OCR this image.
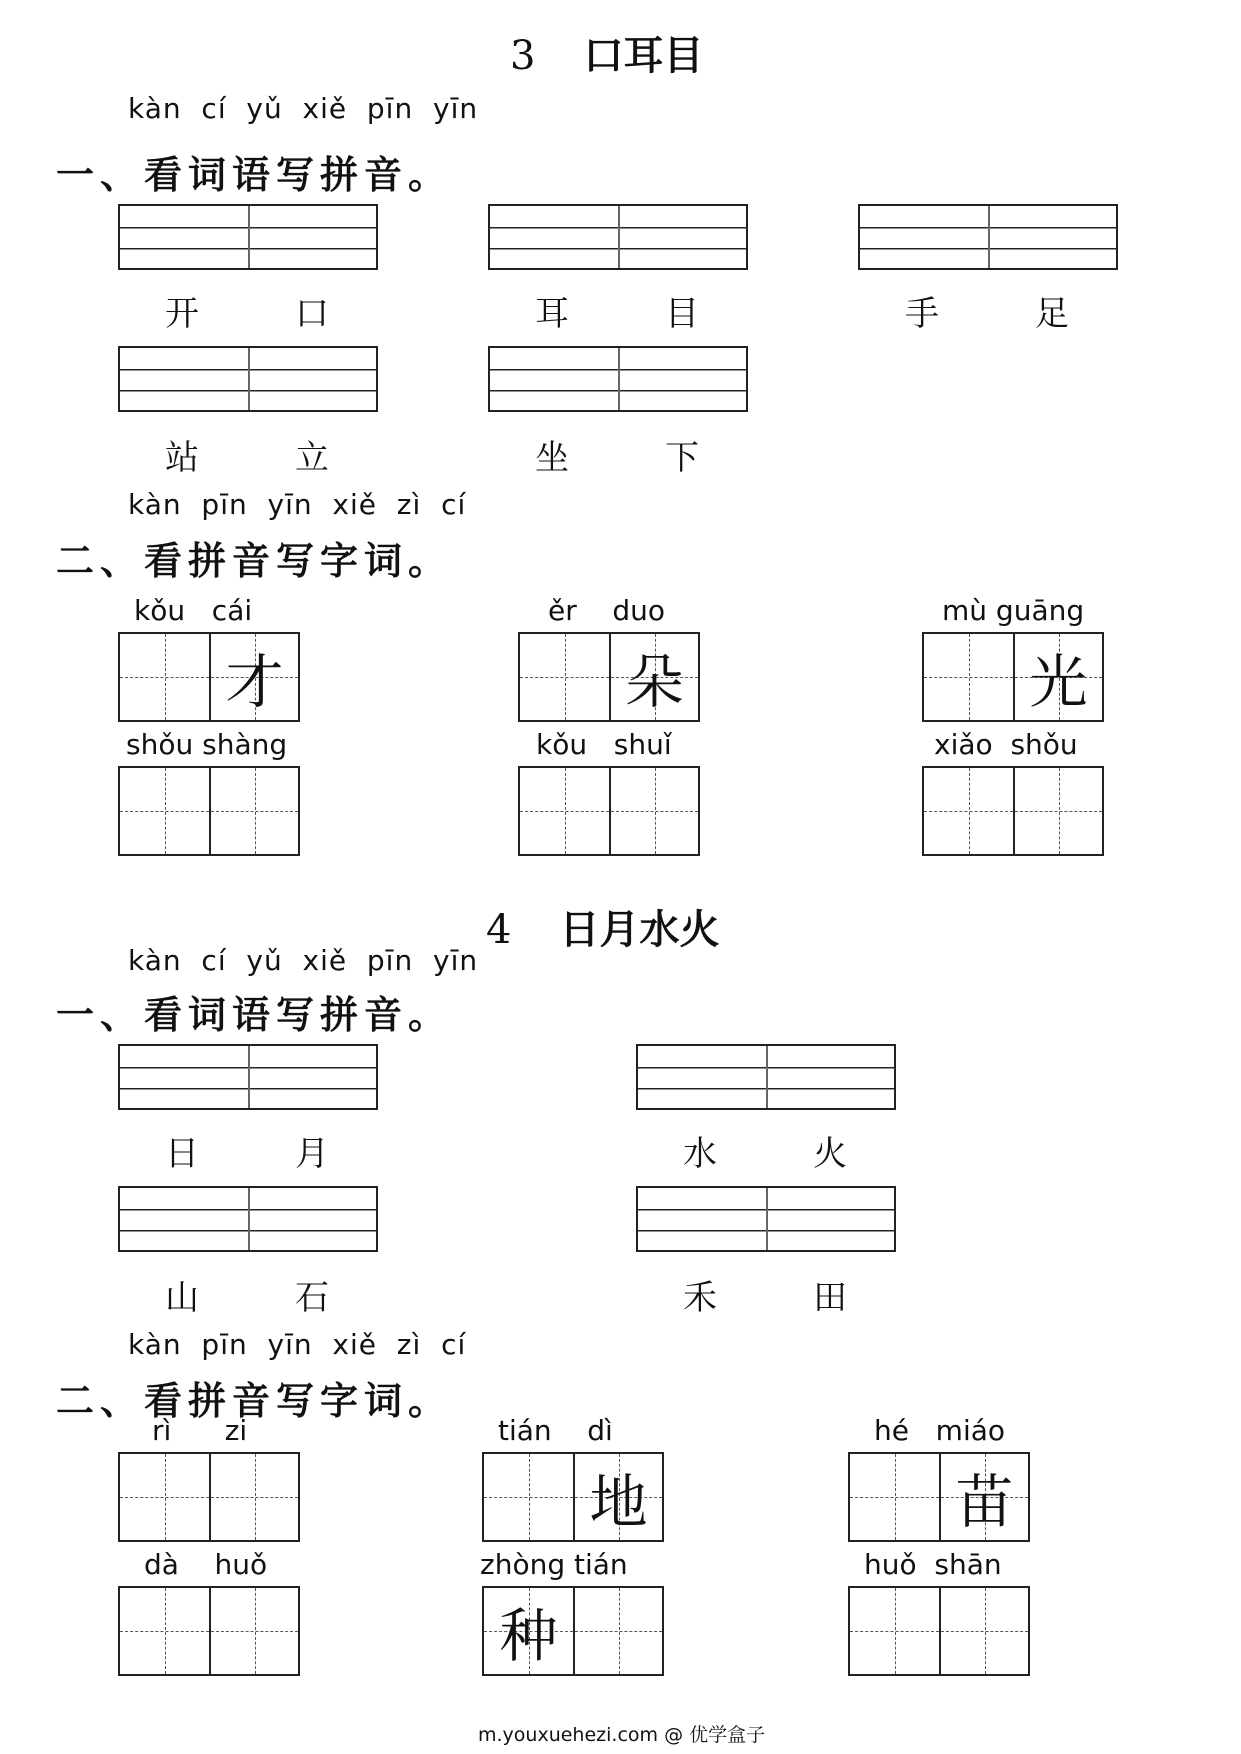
3 口耳目
kàn  cí  yǔ  xiě  pīn  yīn
一、看词语写拼音。
开	口	耳	目	手	足
站	立	坐	下
kàn  pīn  yīn  xiě  zì  cí
二、看拼音写字词。
kǒu   cái	ěr    duo	mù guāng
才	朵	光
shǒu shàng	kǒu   shuǐ	xiǎo  shǒu
4 日月水火
kàn  cí  yǔ  xiě  pīn  yīn
一、看词语写拼音。
日	月	水	火
山	石	禾	田
kàn  pīn  yīn  xiě  zì  cí
二、看拼音写字词。
rì      zi	tián    dì	hé   miáo
地	苗
dà    huǒ	zhòng tián	huǒ  shān
种
m.youxuehezi.com @ 优学盒子
